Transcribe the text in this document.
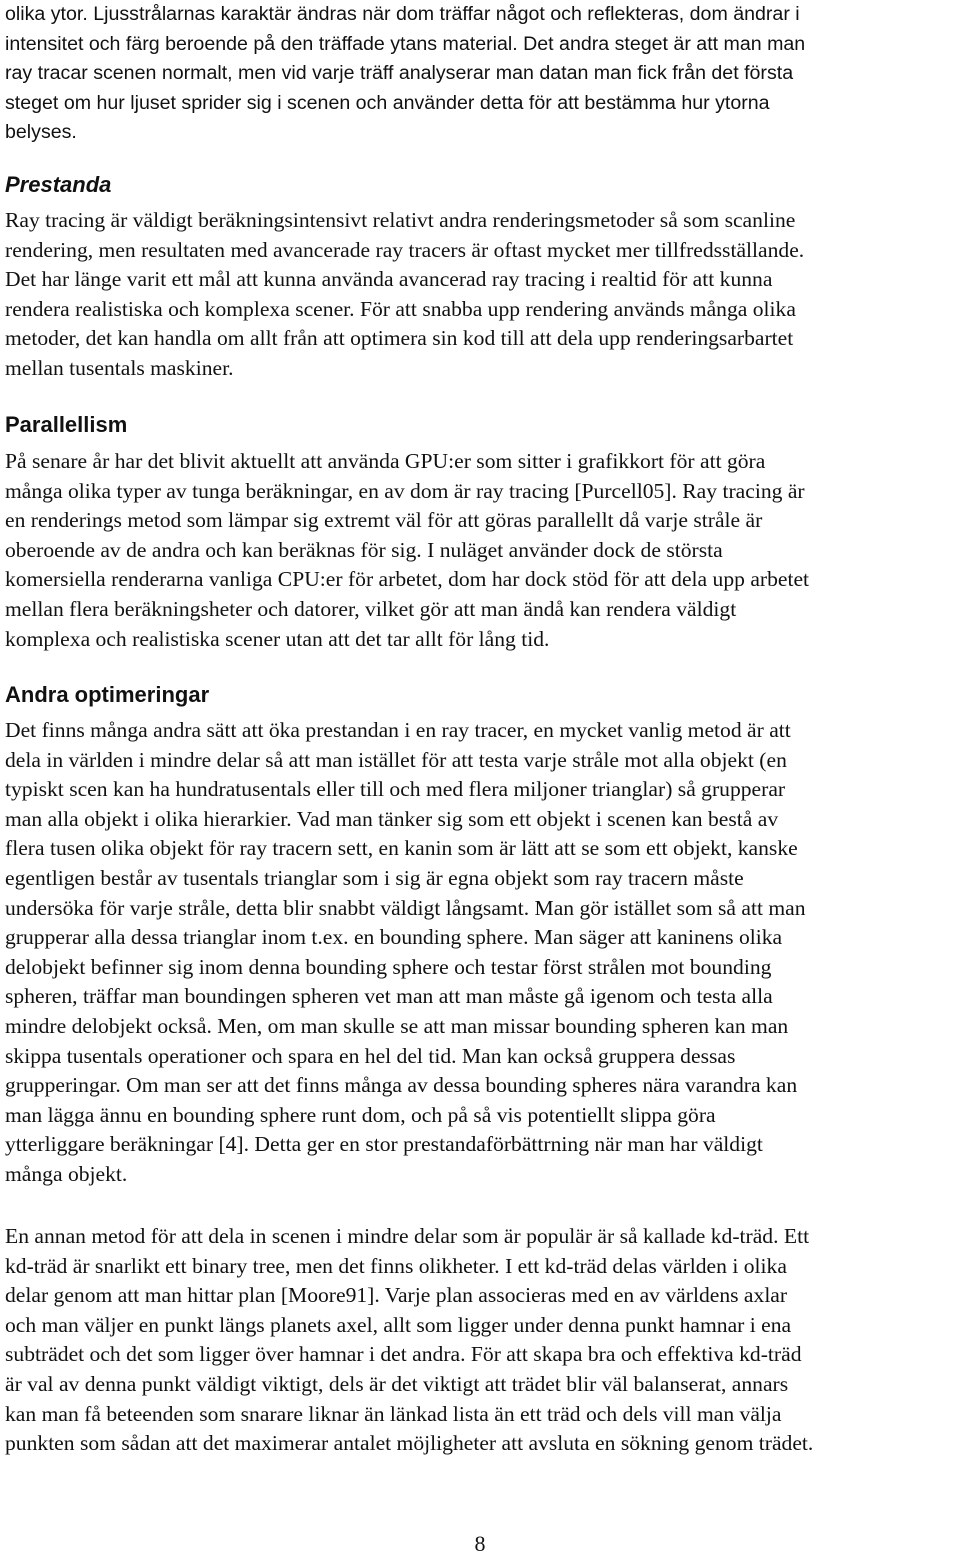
olika ytor. Ljusstrålarnas karaktär ändras när dom träffar något och reflekteras, dom ändrar i
intensitet och färg beroende på den träffade ytans material. Det andra steget är att man man
ray tracar scenen normalt, men vid varje träff analyserar man datan man fick från det första
steget om hur ljuset sprider sig i scenen och använder detta för att bestämma hur ytorna
belyses.
Prestanda
Ray tracing är väldigt beräkningsintensivt relativt andra renderingsmetoder så som scanline
rendering, men resultaten med avancerade ray tracers är oftast mycket mer tillfredsställande.
Det har länge varit ett mål att kunna använda avancerad ray tracing i realtid för att kunna
rendera realistiska och komplexa scener. För att snabba upp rendering används många olika
metoder, det kan handla om allt från att optimera sin kod till att dela upp renderingsarbartet
mellan tusentals maskiner.
Parallellism
På senare år har det blivit aktuellt att använda GPU:er som sitter i grafikkort för att göra
många olika typer av tunga beräkningar, en av dom är ray tracing [Purcell05]. Ray tracing är
en renderings metod som lämpar sig extremt väl för att göras parallellt då varje stråle är
oberoende av de andra och kan beräknas för sig. I nuläget använder dock de största
komersiella renderarna vanliga CPU:er för arbetet, dom har dock stöd för att dela upp arbetet
mellan flera beräkningsheter och datorer, vilket gör att man ändå kan rendera väldigt
komplexa och realistiska scener utan att det tar allt för lång tid.
Andra optimeringar
Det finns många andra sätt att öka prestandan i en ray tracer, en mycket vanlig metod är att
dela in världen i mindre delar så att man istället för att testa varje stråle mot alla objekt (en
typiskt scen kan ha hundratusentals eller till och med flera miljoner trianglar) så grupperar
man alla objekt i olika hierarkier. Vad man tänker sig som ett objekt i scenen kan bestå av
flera tusen olika objekt för ray tracern sett, en kanin som är lätt att se som ett objekt, kanske
egentligen består av tusentals trianglar som i sig är egna objekt som ray tracern måste
undersöka för varje stråle, detta blir snabbt väldigt långsamt. Man gör istället som så att man
grupperar alla dessa trianglar inom t.ex. en bounding sphere. Man säger att kaninens olika
delobjekt befinner sig inom denna bounding sphere och testar först strålen mot bounding
spheren, träffar man boundingen spheren vet man att man måste gå igenom och testa alla
mindre delobjekt också. Men, om man skulle se att man missar bounding spheren kan man
skippa tusentals operationer och spara en hel del tid. Man kan också gruppera dessas
grupperingar. Om man ser att det finns många av dessa bounding spheres nära varandra kan
man lägga ännu en bounding sphere runt dom, och på så vis potentiellt slippa göra
ytterliggare beräkningar [4]. Detta ger en stor prestandaförbättrning när man har väldigt
många objekt.
En annan metod för att dela in scenen i mindre delar som är populär är så kallade kd-träd. Ett
kd-träd är snarlikt ett binary tree, men det finns olikheter. I ett kd-träd delas världen i olika
delar genom att man hittar plan [Moore91]. Varje plan associeras med en av världens axlar
och man väljer en punkt längs planets axel, allt som ligger under denna punkt hamnar i ena
subträdet och det som ligger över hamnar i det andra. För att skapa bra och effektiva kd-träd
är val av denna punkt väldigt viktigt, dels är det viktigt att trädet blir väl balanserat, annars
kan man få beteenden som snarare liknar än länkad lista än ett träd och dels vill man välja
punkten som sådan att det maximerar antalet möjligheter att avsluta en sökning genom trädet.
8
